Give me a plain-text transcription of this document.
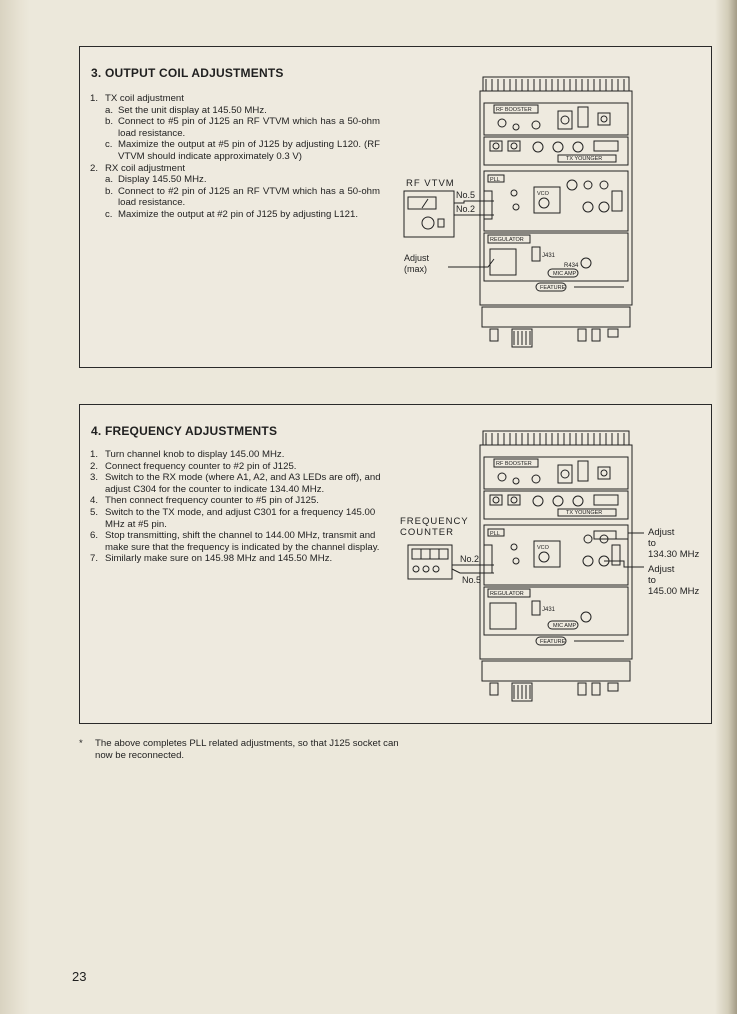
3. OUTPUT COIL ADJUSTMENTS
1. TX coil adjustment
a. Set the unit display at 145.50 MHz.
b. Connect to #5 pin of J125 an RF VTVM which has a 50-ohm load resistance.
c. Maximize the output at #5 pin of J125 by adjusting L120. (RF VTVM should indicate approximately 0.3 V)
2. RX coil adjustment
a. Display 145.50 MHz.
b. Connect to #2 pin of J125 an RF VTVM which has a 50-ohm load resistance.
c. Maximize the output at #2 pin of J125 by adjusting L121.
RF VTVM
No.5
No.2
Adjust
(max)
RF BOOSTER
TX YOUNGER
PLL
VCO
REGULATOR
J431
R434
MIC AMP
FEATURE
4. FREQUENCY ADJUSTMENTS
1. Turn channel knob to display 145.00 MHz.
2. Connect frequency counter to #2 pin of J125.
3. Switch to the RX mode (where A1, A2, and A3 LEDs are off), and adjust C304 for the counter to indicate 134.40 MHz.
4. Then connect frequency counter to #5 pin of J125.
5. Switch to the TX mode, and adjust C301 for a frequency 145.00 MHz at #5 pin.
6. Stop transmitting, shift the channel to 144.00 MHz, transmit and make sure that the frequency is indicated by the channel display.
7. Similarly make sure on 145.98 MHz and 145.50 MHz.
FREQUENCY
COUNTER
No.2
No.5
Adjust
to
134.30 MHz
Adjust
to
145.00 MHz
RF BOOSTER
TX YOUNGER
PLL
VCO
REGULATOR
J431
MIC AMP
FEATURE
*	The above completes PLL related adjustments, so that J125 socket can now be reconnected.
23
